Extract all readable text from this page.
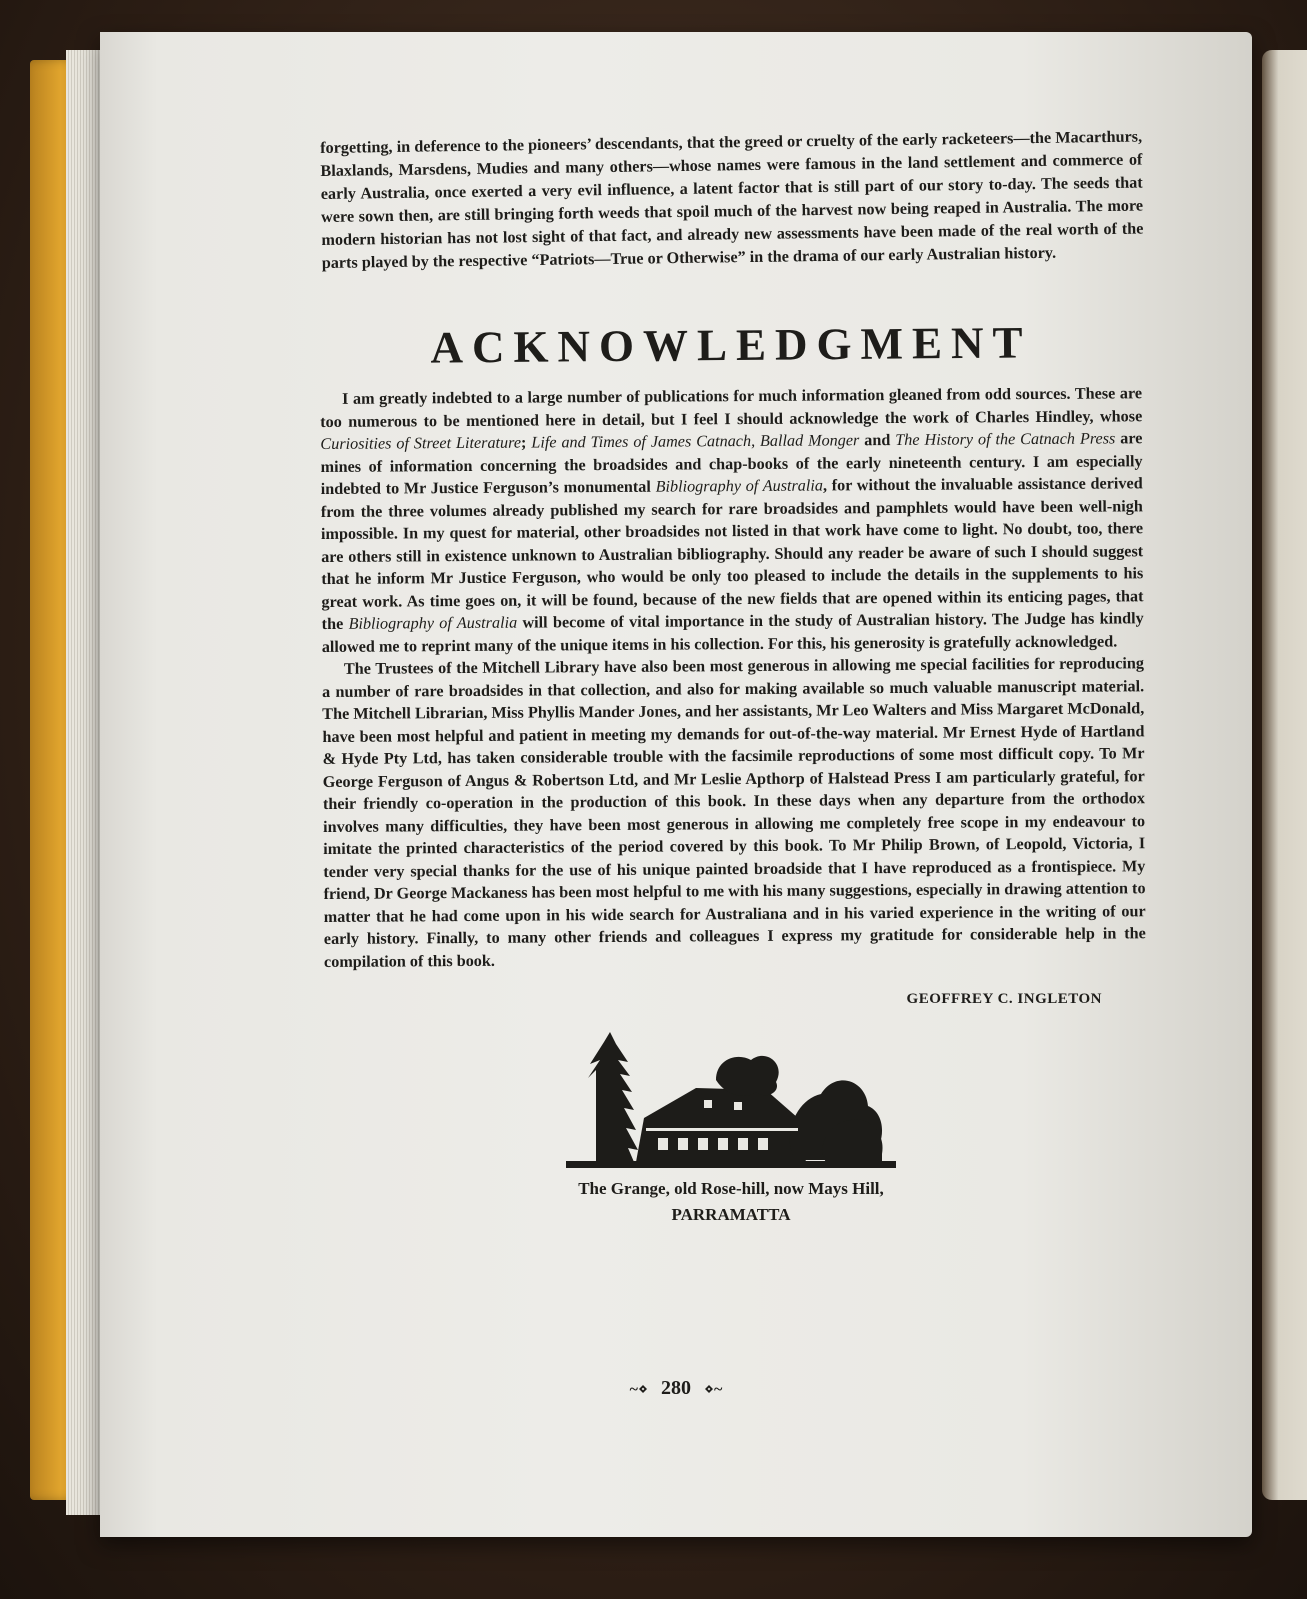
forgetting, in deference to the pioneers’ descendants, that the greed or cruelty of the early racketeers—the Macarthurs, Blaxlands, Marsdens, Mudies and many others—whose names were famous in the land settlement and commerce of early Australia, once exerted a very evil influence, a latent factor that is still part of our story to-day. The seeds that were sown then, are still bringing forth weeds that spoil much of the harvest now being reaped in Australia. The more modern historian has not lost sight of that fact, and already new assessments have been made of the real worth of the parts played by the respective “Patriots—True or Otherwise” in the drama of our early Australian history.

ACKNOWLEDGMENT

I am greatly indebted to a large number of publications for much information gleaned from odd sources. These are too numerous to be mentioned here in detail, but I feel I should acknowledge the work of Charles Hindley, whose Curiosities of Street Literature; Life and Times of James Catnach, Ballad Monger and The History of the Catnach Press are mines of information concerning the broadsides and chap-books of the early nineteenth century. I am especially indebted to Mr Justice Ferguson’s monumental Bibliography of Australia, for without the invaluable assistance derived from the three volumes already published my search for rare broadsides and pamphlets would have been well-nigh impossible. In my quest for material, other broadsides not listed in that work have come to light. No doubt, too, there are others still in existence unknown to Australian bibliography. Should any reader be aware of such I should suggest that he inform Mr Justice Ferguson, who would be only too pleased to include the details in the supplements to his great work. As time goes on, it will be found, because of the new fields that are opened within its enticing pages, that the Bibliography of Australia will become of vital importance in the study of Australian history. The Judge has kindly allowed me to reprint many of the unique items in his collection. For this, his generosity is gratefully acknowledged.

The Trustees of the Mitchell Library have also been most generous in allowing me special facilities for reproducing a number of rare broadsides in that collection, and also for making available so much valuable manuscript material. The Mitchell Librarian, Miss Phyllis Mander Jones, and her assistants, Mr Leo Walters and Miss Margaret McDonald, have been most helpful and patient in meeting my demands for out-of-the-way material. Mr Ernest Hyde of Hartland & Hyde Pty Ltd, has taken considerable trouble with the facsimile reproductions of some most difficult copy. To Mr George Ferguson of Angus & Robertson Ltd, and Mr Leslie Apthorp of Halstead Press I am particularly grateful, for their friendly co-operation in the production of this book. In these days when any departure from the orthodox involves many difficulties, they have been most generous in allowing me completely free scope in my endeavour to imitate the printed characteristics of the period covered by this book. To Mr Philip Brown, of Leopold, Victoria, I tender very special thanks for the use of his unique painted broadside that I have reproduced as a frontispiece. My friend, Dr George Mackaness has been most helpful to me with his many suggestions, especially in drawing attention to matter that he had come upon in his wide search for Australiana and in his varied experience in the writing of our early history. Finally, to many other friends and colleagues I express my gratitude for considerable help in the compilation of this book.

GEOFFREY C. INGLETON
The Grange, old Rose-hill, now Mays Hill,
PARRAMATTA
~⋄ 280 ⋄~
